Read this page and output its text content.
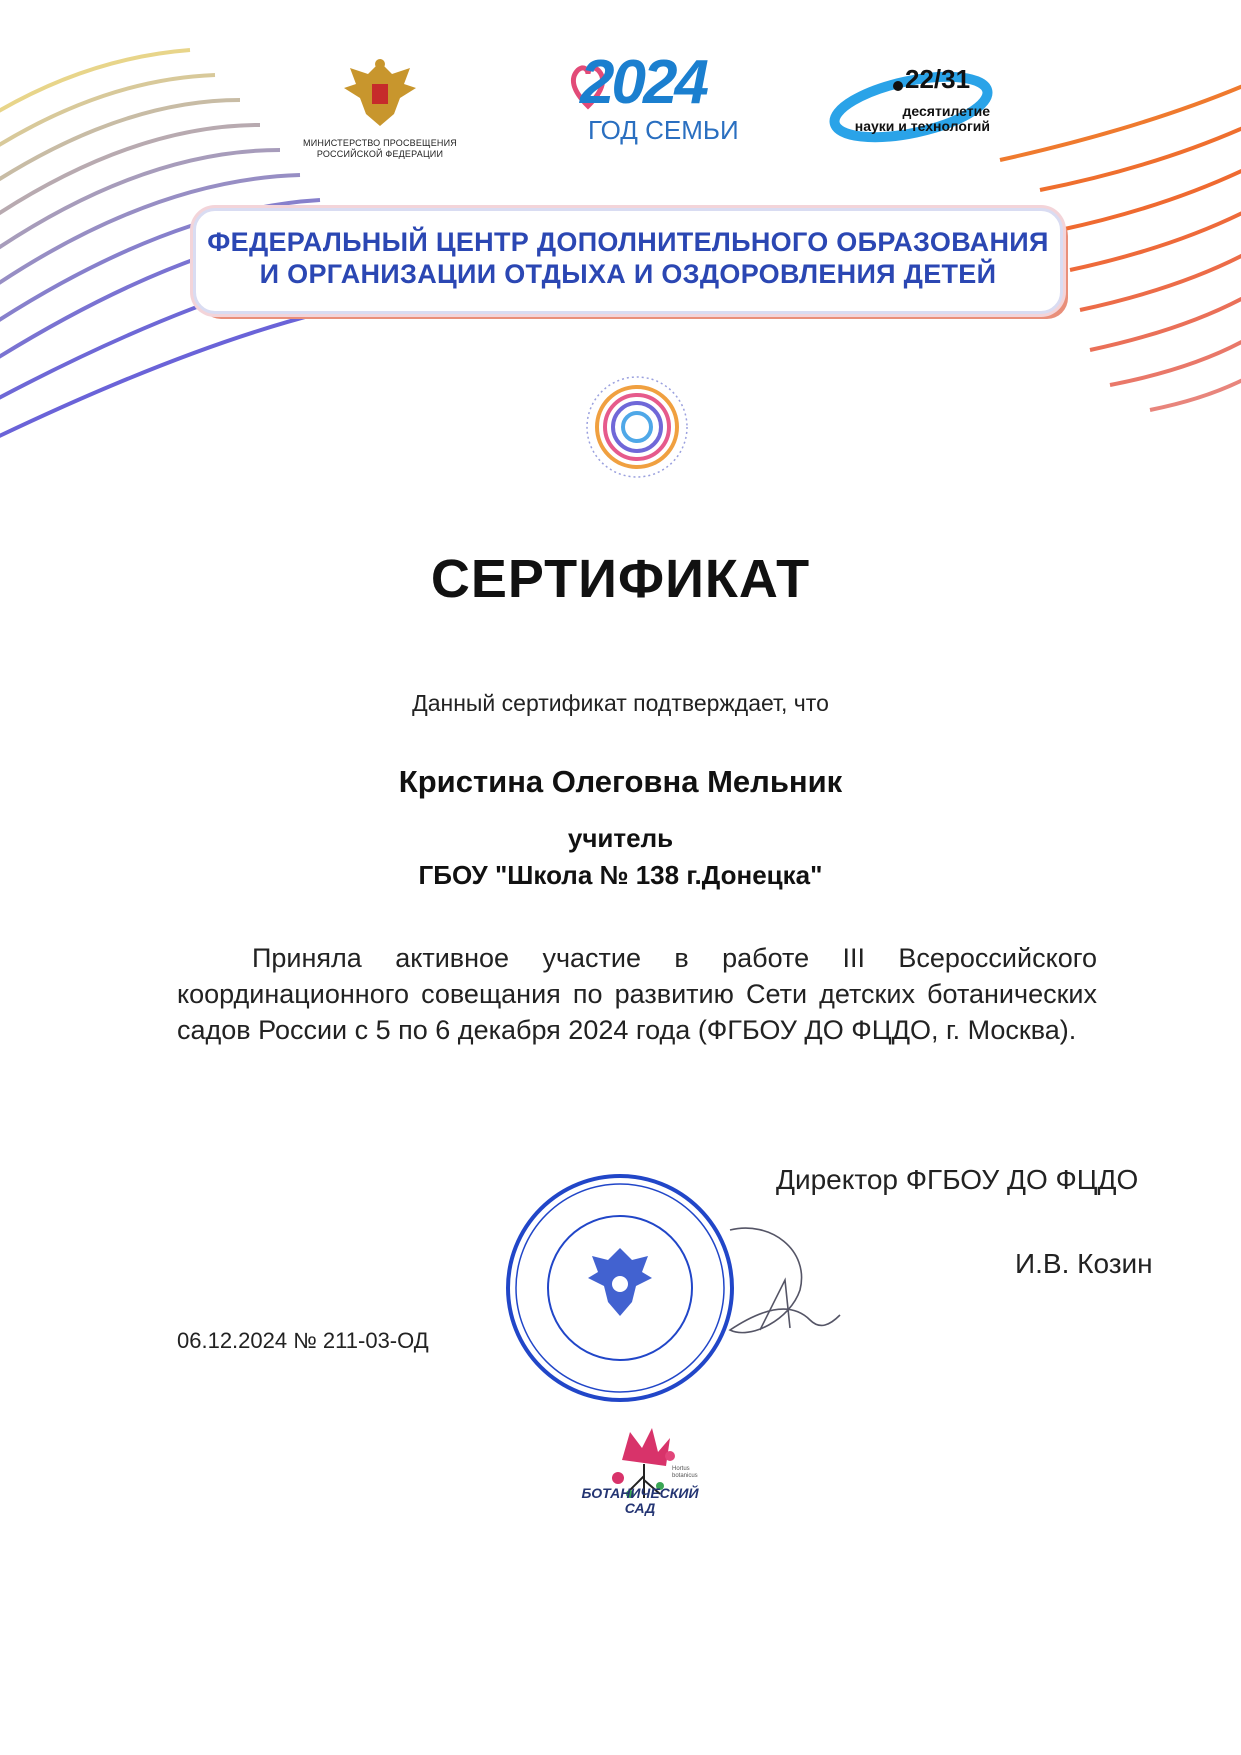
МИНИСТЕРСТВО ПРОСВЕЩЕНИЯ
РОССИЙСКОЙ ФЕДЕРАЦИИ
2024
ГОД СЕМЬИ
22/31
десятилетие
науки и технологий
ФЕДЕРАЛЬНЫЙ ЦЕНТР ДОПОЛНИТЕЛЬНОГО ОБРАЗОВАНИЯ
И ОРГАНИЗАЦИИ ОТДЫХА И ОЗДОРОВЛЕНИЯ ДЕТЕЙ
СЕРТИФИКАТ
Данный сертификат подтверждает, что
Кристина Олеговна Мельник
учитель
ГБОУ "Школа № 138 г.Донецка"
Приняла активное участие в работе III Всероссийского координационного совещания по развитию Сети детских ботанических садов России с 5 по 6 декабря 2024 года (ФГБОУ ДО ФЦДО, г. Москва).
Директор ФГБОУ ДО ФЦДО
И.В. Козин
06.12.2024 № 211-03-ОД
Hortus
botanicus
БОТАНИЧЕСКИЙ
САД
